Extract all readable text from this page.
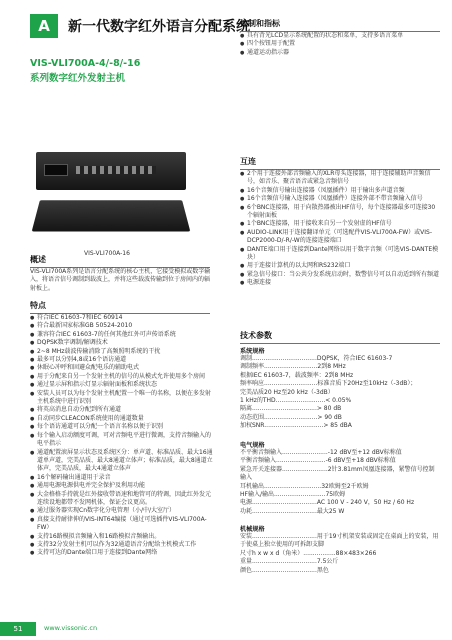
A	新一代数字红外语言分配系统
VIS-VLI700A-4/-8/-16
系列数字红外发射主机
VIS-VLI700A-16
概述
VIS-VLI700A系列是语言分配系统的核心主机，它接受模拟或数字输入，将语音信号调制到载波上，并将这些载波传输到位于房间内的辐射板上。
特点
● 符合IEC 61603-7和IEC 60914
● 符合最新国家标准GB 50524-2010
● 兼容符合IEC 61603-7的任何其他红外可声传语系统
● DQPSK数字调制/解调技术
● 2~8 MHz载波传输消除了高频照明系统的干扰
● 最多可以分别4,8或16个语访通道
● 休眠心冲呼和固避众配电乐的辅助电式
● 用于分配来自另一个发射主机的信号的从模式允许使用多个房间
● 通过显示屏和指示灯显示辐射面板和系统状态
● 安装人员可以为每个发射主机配置一个唯一的名称，以便在多发射主机系统中进行识别
● 将英高消息自动分配到所有通道
● 自动同步CLEACON系统使用的通道数量
● 每个语访通道可以分配一个语言名称以便于识别
● 每个输入启动额度可调，可对音频电平进行微调，支持音频输入的电平指示
● 通道配置滚屏显示状态及系统区分：单声道、标准品质、最大16通道单声道，完美品质、最大8通道立体声；标准品质，最大8通道立体声，完美品质，最大4通道立体声
● 16个解码输出通道用于录音
● 通用电源电源供电并完全保护及利用功能
● 大金格格手持就是红外接收带语速和地管可的特调，因此红外发元连续设地都带不发网机体，保证会议更高。
● 通过服务器实现Cn数字化分电管理（小/中/大室厅）
● 真接支持耐律伸的VIS-INT64编接（通过可选插件VIS-VLI700A-FW）
● 支持16路模拟音频输入和16路模拟音频输出。
● 支持32分发射主机可以作为32通道语音分配给主机模式工作
● 支持可达的Dante端口用于连接到Dante网络
控制和指标
● 具有背光LCD显示系统配置的状态和菜单，支持多语言菜单
● 四个按钮用于配置
● 通道运动指示器
互连
● 2个用于连接外部音频输入的XLR母头连接器，用于连接辅助声音频信号，如音乐、聚音语音或紧急音频信号
● 16个音频信号输出连接器（凤凰插件）用于输出多声道音频
● 16个音频信号输入连接器（凤凰插件）连接外部不带音频输入信号
● 6个BNC连接器，用于向散热器被出HF信号，每个连接器最多可连接30个辐射面板
● 1个BNC连接器，用于接收来自另一个发射虚的HF信号
● AUDIO-LINK用于连接翻译单元（可选配件VIS-VLI700A-FW）或VIS-DCP2000-D/-R/-W的连接连接端口
● DANTE端口用于连接到Dante网络以用于数字音频（可选VIS-DANTE模块）
● 用于连接计算机的以太网和RS232端口
● 紧急信号接口：当公共分发系统启动时，数警信号可以自动适到所有频道
● 电源连接
技术参数
系统规格
调制..................................DQPSK，符合IEC 61603-7
调制频率............................2到8 MHz
根据IEC 61603-7，载波频率：2到8 MHz
频率响应............................标准音质下20Hz至10kHz（-3dB）；
完美品质20 Hz至20 kHz（-3dB）
1 kHz的THD..........................< 0.05%
隔离..................................> 80 dB
动态范围............................> 90 dB
加权SNR...............................> 85 dBA
电气规格
不平衡音频输入........................-12 dBV至+12 dBV标称值
平衡音频输入..........................-6 dBV至+18 dBV标称值
紧急开关连接器........................2针3.81mm凤凰连接器，紧警信号控制输入
耳机输出..............................32欧姆至2千欧姆
HF输入/输出...........................75欧姆
电源..................................AC 100 V - 240 V，50 Hz / 60 Hz
功耗..................................最大25 W
机械规格
安装..................................用于19寸机架安装或固定在桌面上的安装，用于使桌上独立使用的可拆卸支脚
尺寸h x w x d（角米）.................88×483×266
重量..................................7.5公斤
颜色..................................黑色
51	www.vissonic.cn
